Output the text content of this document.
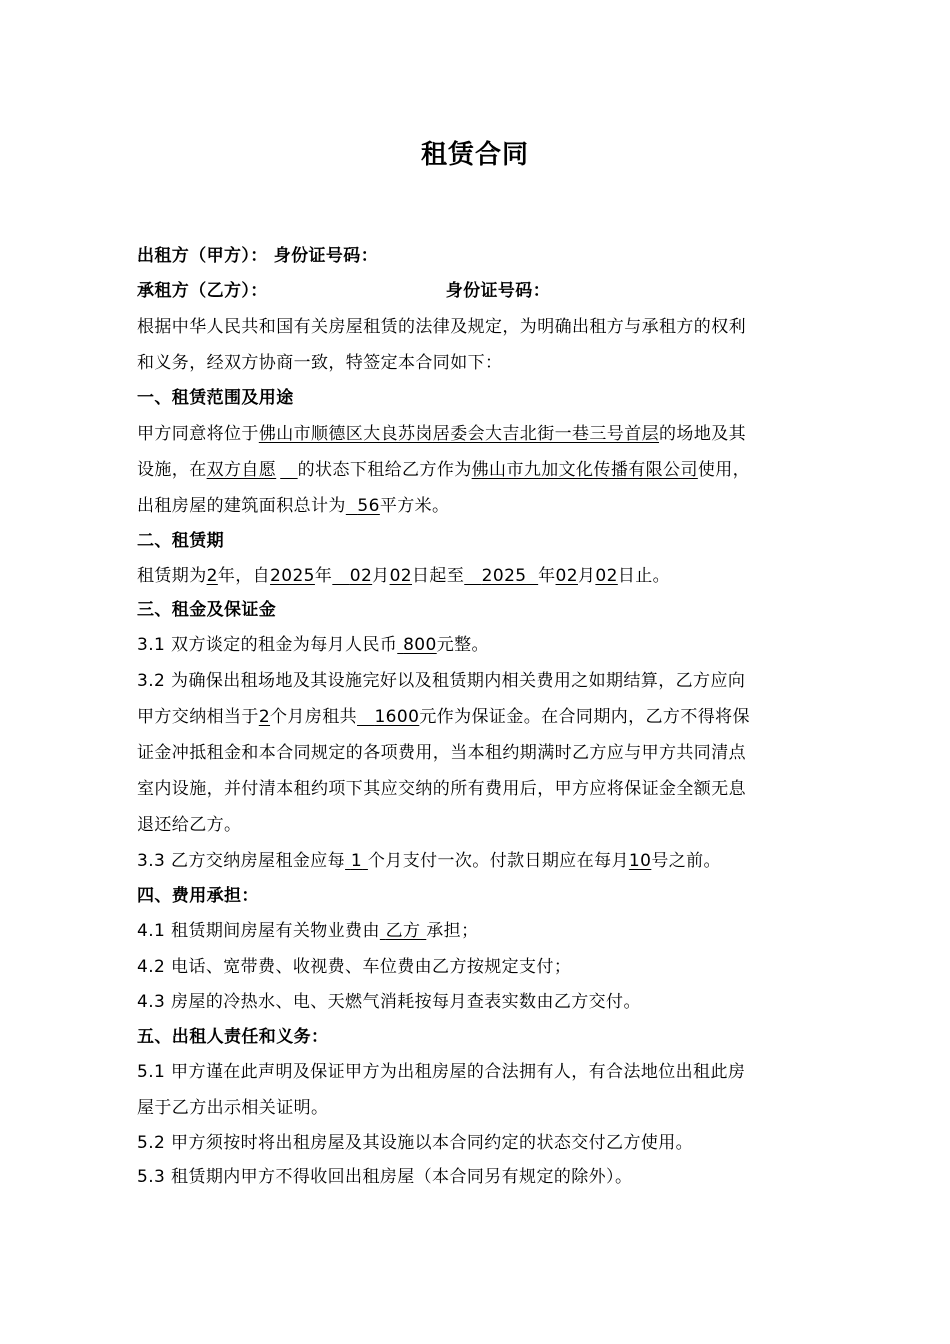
租赁合同
出租方（甲方）： 身份证号码：
承租方（乙方）：	身份证号码：
根据中华人民共和国有关房屋租赁的法律及规定，为明确出租方与承租方的权利
和义务，经双方协商一致，特签定本合同如下：
一、租赁范围及用途
甲方同意将位于佛山市顺德区大良苏岗居委会大吉北街一巷三号首层的场地及其
设施，在双方自愿 的状态下租给乙方作为佛山市九加文化传播有限公司使用，
出租房屋的建筑面积总计为 56平方米。
二、租赁期
租赁期为2年，自2025年 02月02日起至 2025 年02月02日止。
三、租金及保证金
3.1 双方谈定的租金为每月人民币 800元整。
3.2 为确保出租场地及其设施完好以及租赁期内相关费用之如期结算，乙方应向
甲方交纳相当于2个月房租共 1600元作为保证金。在合同期内，乙方不得将保
证金冲抵租金和本合同规定的各项费用，当本租约期满时乙方应与甲方共同清点
室内设施，并付清本租约项下其应交纳的所有费用后，甲方应将保证金全额无息
退还给乙方。
3.3 乙方交纳房屋租金应每 1 个月支付一次。付款日期应在每月10号之前。
四、费用承担：
4.1 租赁期间房屋有关物业费由 乙方 承担；
4.2 电话、宽带费、收视费、车位费由乙方按规定支付；
4.3 房屋的冷热水、电、天燃气消耗按每月查表实数由乙方交付。
五、出租人责任和义务：
5.1 甲方谨在此声明及保证甲方为出租房屋的合法拥有人，有合法地位出租此房
屋于乙方出示相关证明。
5.2 甲方须按时将出租房屋及其设施以本合同约定的状态交付乙方使用。
5.3 租赁期内甲方不得收回出租房屋（本合同另有规定的除外）。
